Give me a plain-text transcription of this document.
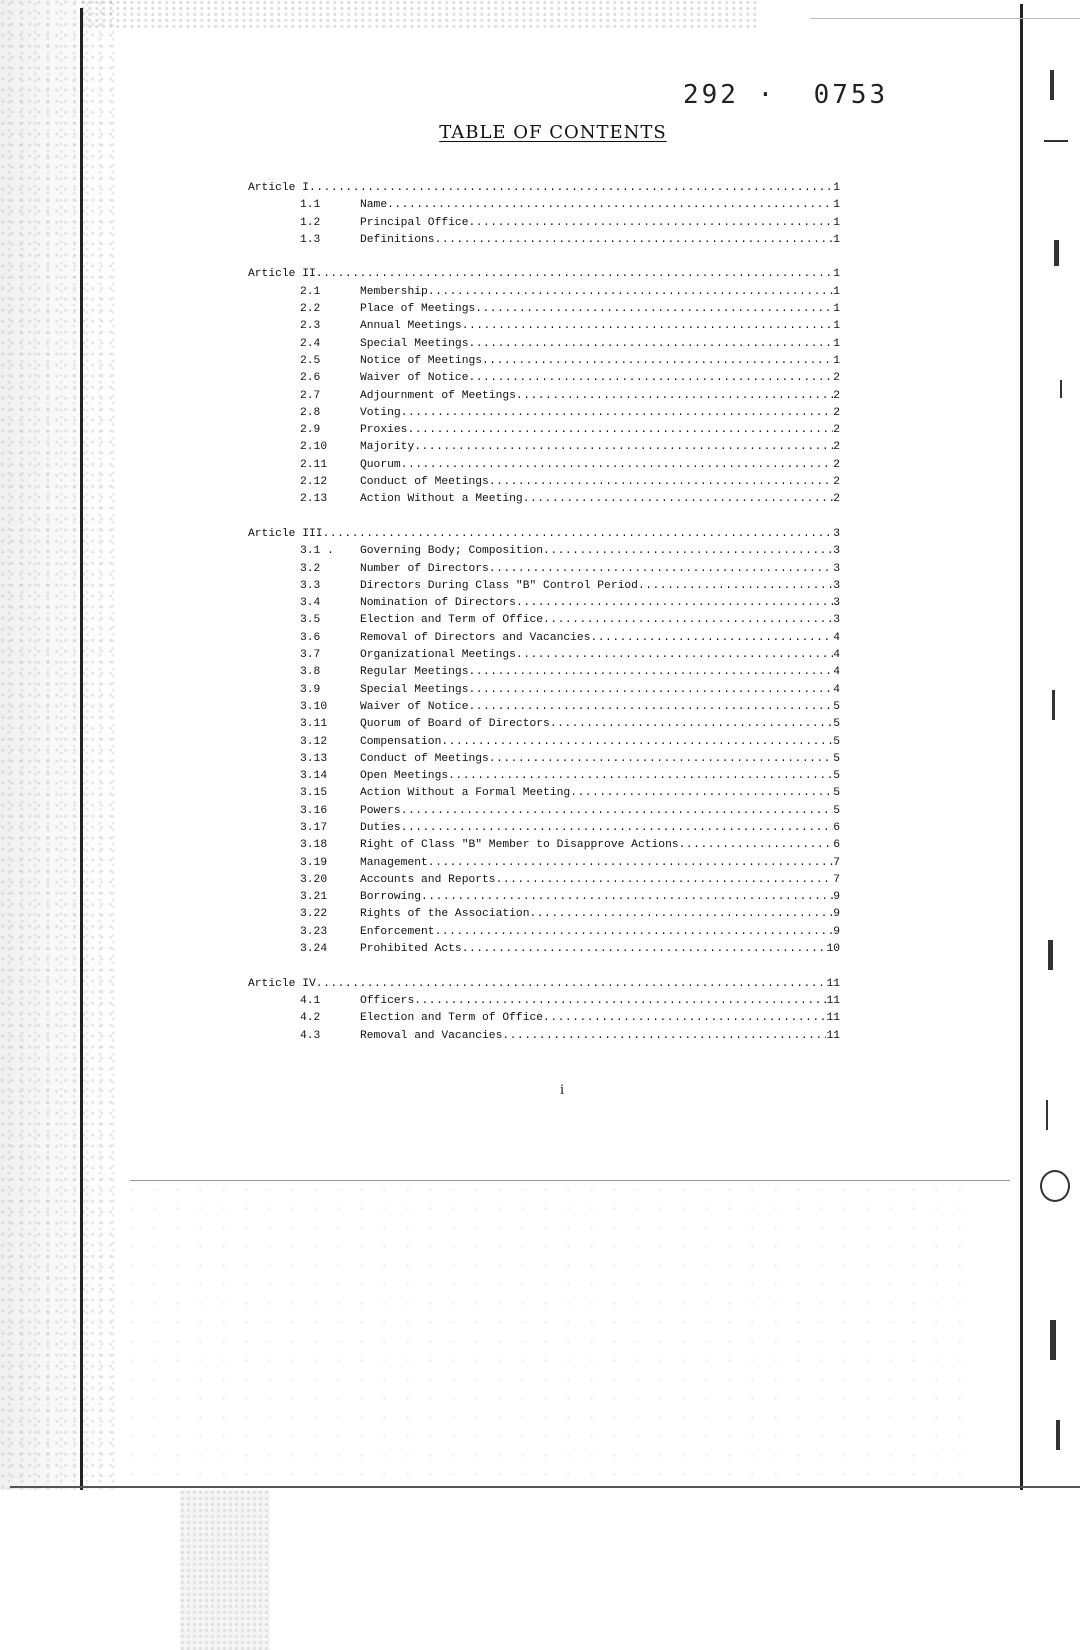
292 ·  0753
TABLE OF CONTENTS
Article I .....	1
1.1	Name .....	1
1.2	Principal Office .....	1
1.3	Definitions .....	1
Article II .....	1
2.1	Membership .....	1
2.2	Place of Meetings .....	1
2.3	Annual Meetings .....	1
2.4	Special Meetings .....	1
2.5	Notice of Meetings .....	1
2.6	Waiver of Notice .....	2
2.7	Adjournment of Meetings .....	2
2.8	Voting .....	2
2.9	Proxies .....	2
2.10	Majority .....	2
2.11	Quorum .....	2
2.12	Conduct of Meetings .....	2
2.13	Action Without a Meeting .....	2
Article III .....	3
3.1 .	Governing Body; Composition .....	3
3.2	Number of Directors .....	3
3.3	Directors During Class "B" Control Period .....	3
3.4	Nomination of Directors .....	3
3.5	Election and Term of Office .....	3
3.6	Removal of Directors and Vacancies .....	4
3.7	Organizational Meetings .....	4
3.8	Regular Meetings .....	4
3.9	Special Meetings .....	4
3.10	Waiver of Notice .....	5
3.11	Quorum of Board of Directors .....	5
3.12	Compensation .....	5
3.13	Conduct of Meetings .....	5
3.14	Open Meetings .....	5
3.15	Action Without a Formal Meeting .....	5
3.16	Powers .....	5
3.17	Duties .....	6
3.18	Right of Class "B" Member to Disapprove Actions .....	6
3.19	Management .....	7
3.20	Accounts and Reports .....	7
3.21	Borrowing .....	9
3.22	Rights of the Association .....	9
3.23	Enforcement .....	9
3.24	Prohibited Acts .....	10
Article IV .....	11
4.1	Officers .....	11
4.2	Election and Term of Office .....	11
4.3	Removal and Vacancies .....	11
i
